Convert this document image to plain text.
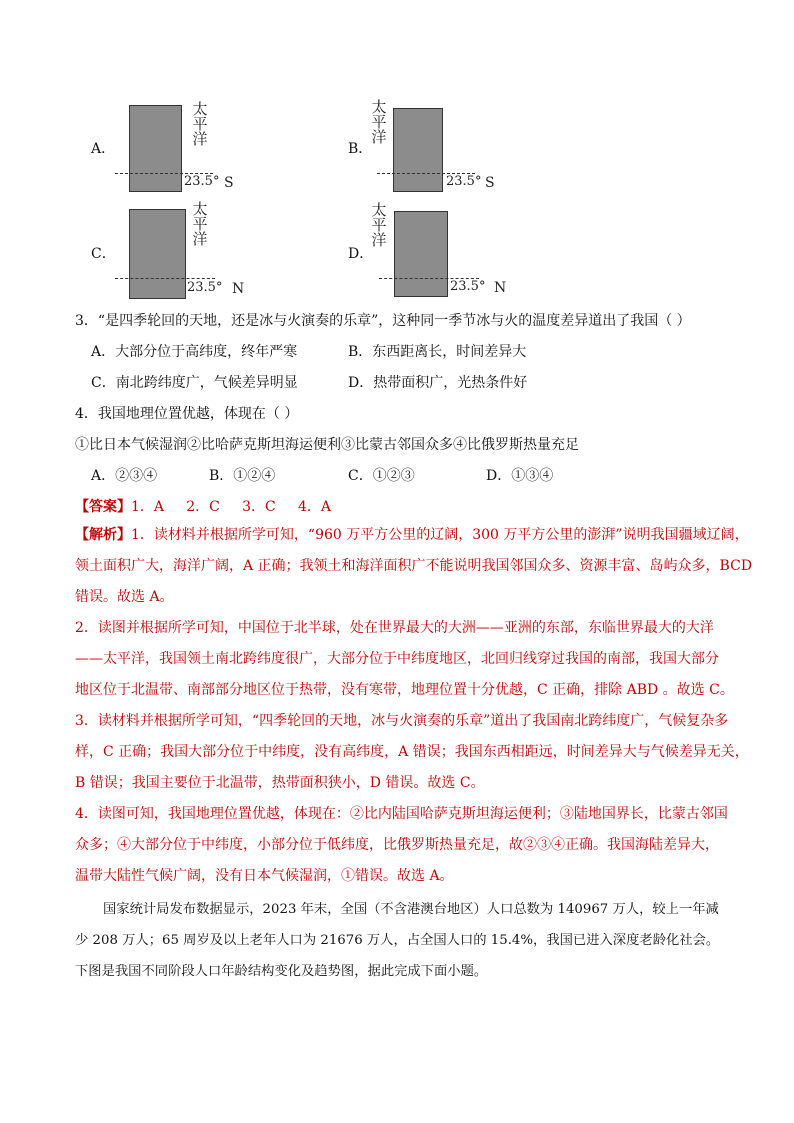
A．
太
平
洋
23.5° S
B．
太
平
洋
23.5° S
C．
太
平
洋
23.5° N
D．
太
平
洋
23.5° N
3．“是四季轮回的天地，还是冰与火演奏的乐章”，这种同一季节冰与火的温度差异道出了我国（ ）
A．大部分位于高纬度，终年严寒	B．东西距离长，时间差异大
C．南北跨纬度广，气候差异明显	D．热带面积广，光热条件好
4．我国地理位置优越，体现在（ ）
①比日本气候湿润②比哈萨克斯坦海运便利③比蒙古邻国众多④比俄罗斯热量充足
A．②③④	B．①②④	C．①②③	D．①③④
【答案】1．A     2．C     3．C     4．A
【解析】1．读材料并根据所学可知，“960 万平方公里的辽阔，300 万平方公里的澎湃”说明我国疆域辽阔，
领土面积广大，海洋广阔，A 正确；我领土和海洋面积广不能说明我国邻国众多、资源丰富、岛屿众多，BCD
错误。故选 A。
2．读图并根据所学可知，中国位于北半球，处在世界最大的大洲——亚洲的东部，东临世界最大的大洋
——太平洋，我国领土南北跨纬度很广，大部分位于中纬度地区，北回归线穿过我国的南部，我国大部分
地区位于北温带、南部部分地区位于热带，没有寒带，地理位置十分优越，C 正确，排除 ABD 。故选 C。
3．读材料并根据所学可知，“四季轮回的天地，冰与火演奏的乐章”道出了我国南北跨纬度广，气候复杂多
样，C 正确；我国大部分位于中纬度，没有高纬度，A 错误；我国东西相距远，时间差异大与气候差异无关，
B 错误；我国主要位于北温带，热带面积狭小，D 错误。故选 C。
4．读图可知，我国地理位置优越，体现在：②比内陆国哈萨克斯坦海运便利；③陆地国界长，比蒙古邻国
众多；④大部分位于中纬度，小部分位于低纬度，比俄罗斯热量充足，故②③④正确。我国海陆差异大，
温带大陆性气候广阔，没有日本气候湿润，①错误。故选 A。
国家统计局发布数据显示，2023 年末，全国（不含港澳台地区）人口总数为 140967 万人，较上一年减
少 208 万人；65 周岁及以上老年人口为 21676 万人，占全国人口的 15.4%，我国已进入深度老龄化社会。
下图是我国不同阶段人口年龄结构变化及趋势图，据此完成下面小题。
